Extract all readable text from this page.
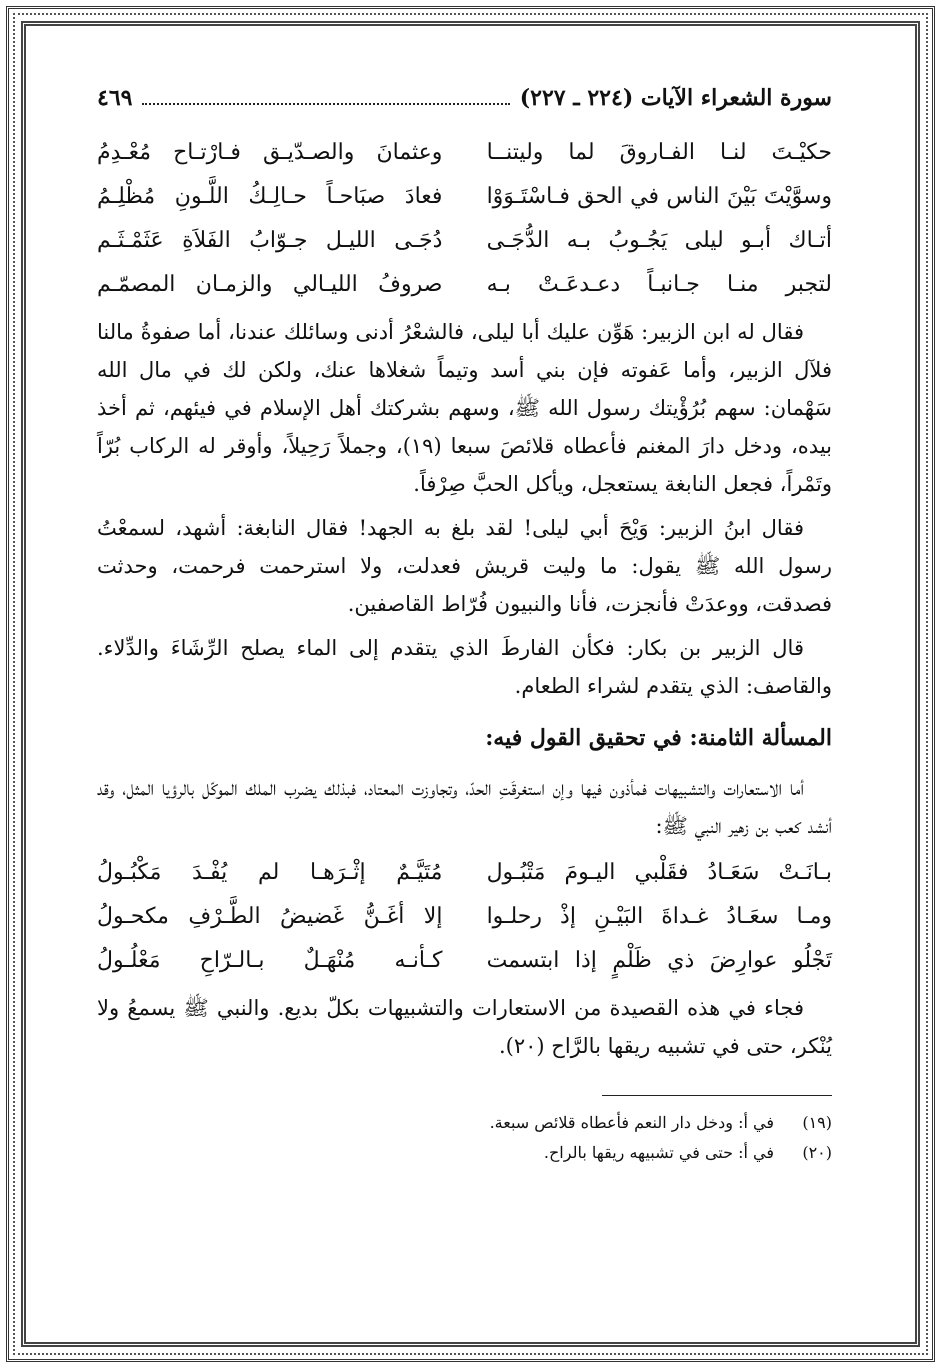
سورة الشعراء الآيات (٢٢٤ ـ ٢٢٧)
٤٦٩
حكيْـتَ لنـا الفـاروقَ لما وليتنــا
وعثمانَ والصـدّيـق فـارْتـاح مُعْـدِمُ
وسوَّيْتَ بَيْنَ الناس في الحق فـاسْتَـوَوْا
فعادَ صبَاحـاً حـالِـكُ اللَّـونِ مُظْلِـمُ
أتـاك أبـو ليلى يَجُـوبُ بـه الدُّجَـى
دُجَـى الليـل جـوّابُ الفَلاَةِ عَثَمْـثَـم
لتجبر منـا جـانبـاً دعـدعَـتْ بـه
صروفُ الليـالي والزمـان المصمّـم

فقال له ابن الزبير: هَوِّن عليك أبا ليلى، فالشعْرُ أدنى وسائلك عندنا، أما صفوةُ مالنا فلآل الزبير، وأما عَفوته فإن بني أسد وتيماً شغلاها عنك، ولكن لك في مال الله سَهْمان: سهم بُرُؤْيتك رسول الله ﷺ، وسهم بشركتك أهل الإسلام في فيئهم، ثم أخذ بيده، ودخل دارَ المغنم فأعطاه قلائصَ سبعا (١٩)، وجملاً رَحِيلاً، وأوقر له الركاب بُرّاً وتَمْراً، فجعل النابغة يستعجل، ويأكل الحبَّ صِرْفاً.

فقال ابنُ الزبير: وَيْحَ أبي ليلى! لقد بلغ به الجهد! فقال النابغة: أشهد، لسمعْتُ رسول الله ﷺ يقول: ما وليت قريش فعدلت، ولا استرحمت فرحمت، وحدثت فصدقت، ووعدَتْ فأنجزت، فأنا والنبيون فُرّاط القاصفين.

قال الزبير بن بكار: فكأن الفارطَ الذي يتقدم إلى الماء يصلح الرِّشَاءَ والدِّلاء. والقاصف: الذي يتقدم لشراء الطعام.

المسألة الثامنة: في تحقيق القول فيه:

أما الاستعارات والتشبيهات فمأذون فيها وإن استغرقَتِ الحدّ، وتجاوزت المعتاد، فبذلك يضرب الملك الموكّل بالرؤيا المثل، وقد أنشد كعب بن زهير النبي ﷺ:

بـانَـتْ سَعَـادُ فقَلْبي اليـومَ مَتْبُـول
مُتَيَّـمٌ إثْـرَهـا لم يُفْـدَ مَكْبُـولُ
ومـا سعَـادُ غـداةَ البَيْـنِ إذْ رحلـوا
إلا أغَـنُّ غَضيضُ الطَّـرْفِ مكحـولُ
تَجْلُو عوارِضَ ذي ظَلْمٍ إذا ابتسمت
كـأنـه مُنْهَـلٌ بـالـرّاحِ مَعْلُـولُ

فجاء في هذه القصيدة من الاستعارات والتشبيهات بكلّ بديع. والنبي ﷺ يسمعُ ولا يُنْكر، حتى في تشبيه ريقها بالرَّاح (٢٠).

(١٩)
في أ: ودخل دار النعم فأعطاه قلائص سبعة.
(٢٠)
في أ: حتى في تشبيهه ريقها بالراح.
